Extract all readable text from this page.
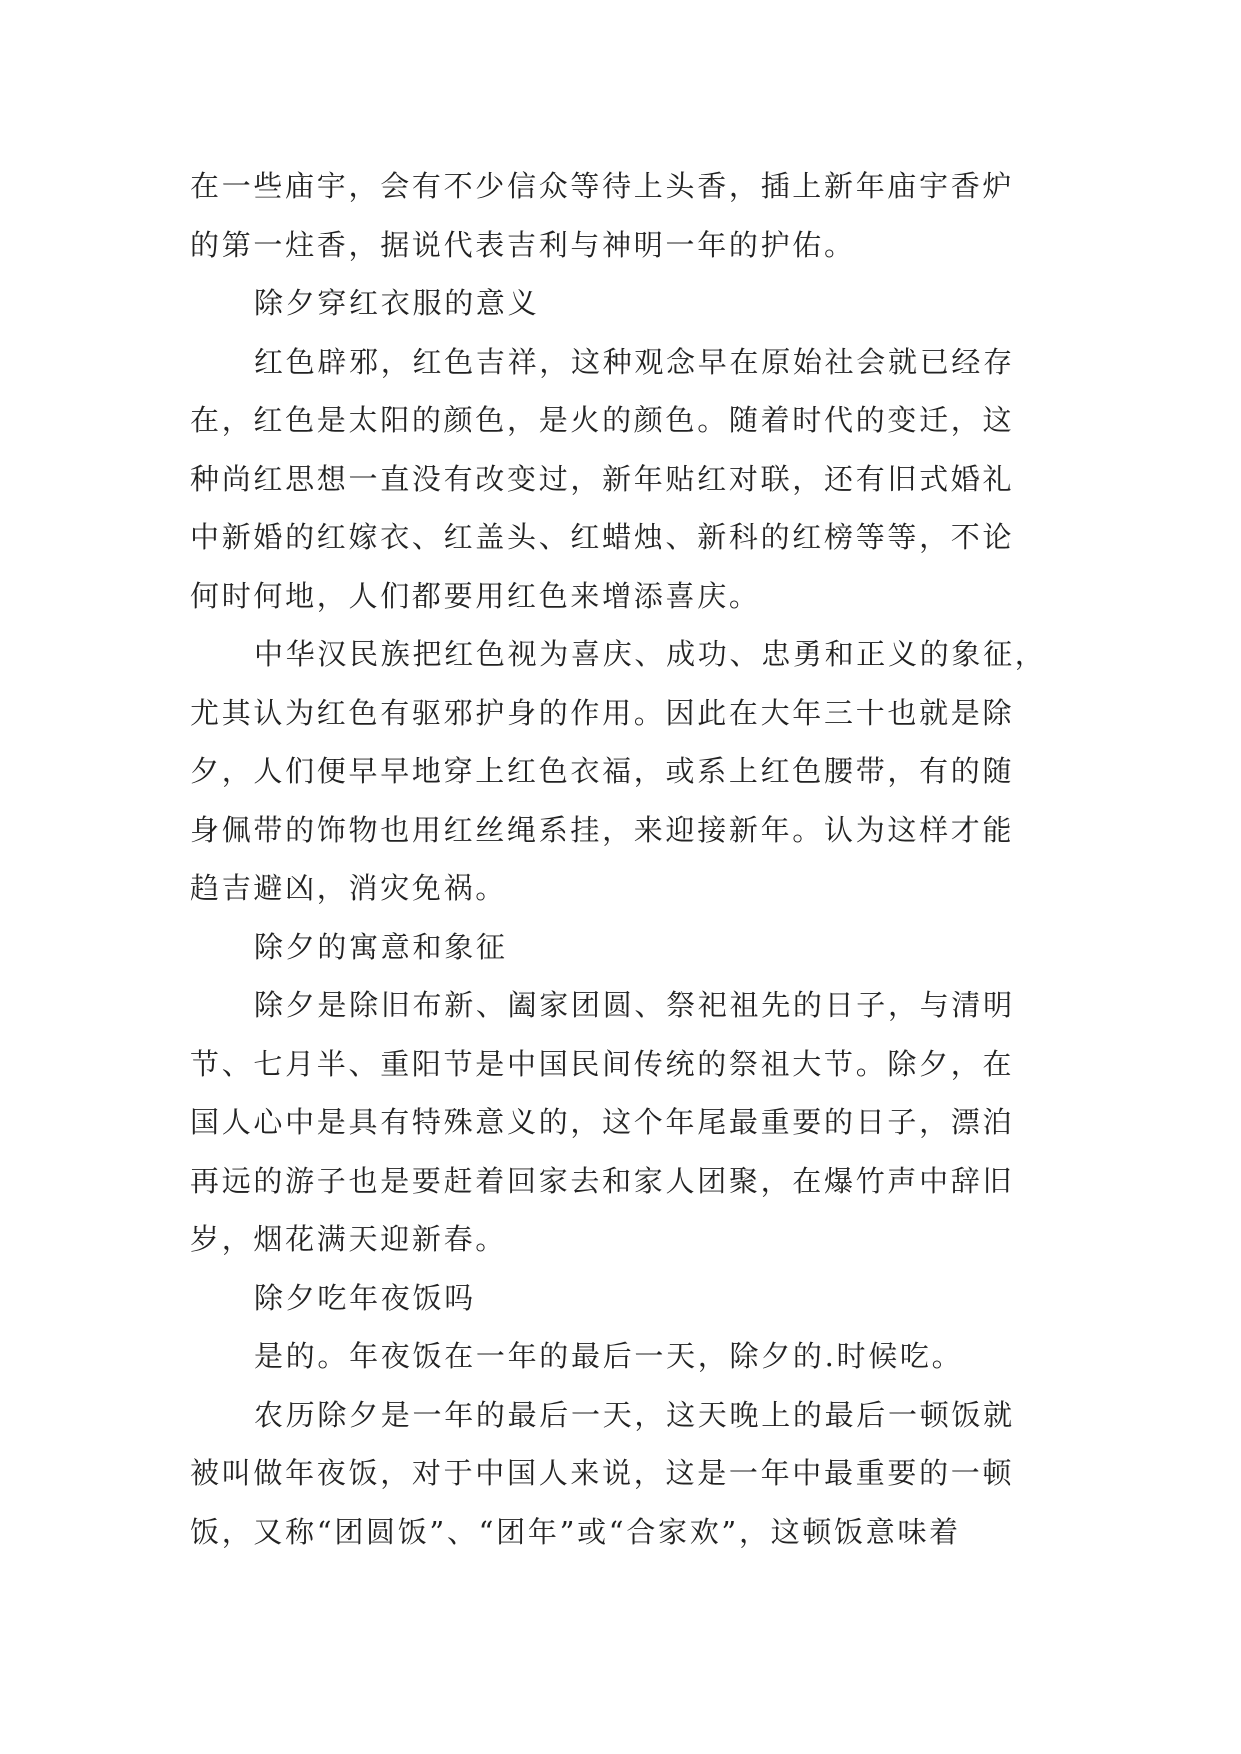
在一些庙宇，会有不少信众等待上头香，插上新年庙宇香炉
的第一炷香，据说代表吉利与神明一年的护佑。
除夕穿红衣服的意义
红色辟邪，红色吉祥，这种观念早在原始社会就已经存
在，红色是太阳的颜色，是火的颜色。随着时代的变迁，这
种尚红思想一直没有改变过，新年贴红对联，还有旧式婚礼
中新婚的红嫁衣、红盖头、红蜡烛、新科的红榜等等，不论
何时何地，人们都要用红色来增添喜庆。
中华汉民族把红色视为喜庆、成功、忠勇和正义的象征，
尤其认为红色有驱邪护身的作用。因此在大年三十也就是除
夕，人们便早早地穿上红色衣福，或系上红色腰带，有的随
身佩带的饰物也用红丝绳系挂，来迎接新年。认为这样才能
趋吉避凶，消灾免祸。
除夕的寓意和象征
除夕是除旧布新、阖家团圆、祭祀祖先的日子，与清明
节、七月半、重阳节是中国民间传统的祭祖大节。除夕，在
国人心中是具有特殊意义的，这个年尾最重要的日子，漂泊
再远的游子也是要赶着回家去和家人团聚，在爆竹声中辞旧
岁，烟花满天迎新春。
除夕吃年夜饭吗
是的。年夜饭在一年的最后一天，除夕的.时候吃。
农历除夕是一年的最后一天，这天晚上的最后一顿饭就
被叫做年夜饭，对于中国人来说，这是一年中最重要的一顿
饭，又称“团圆饭”、“团年”或“合家欢”，这顿饭意味着
